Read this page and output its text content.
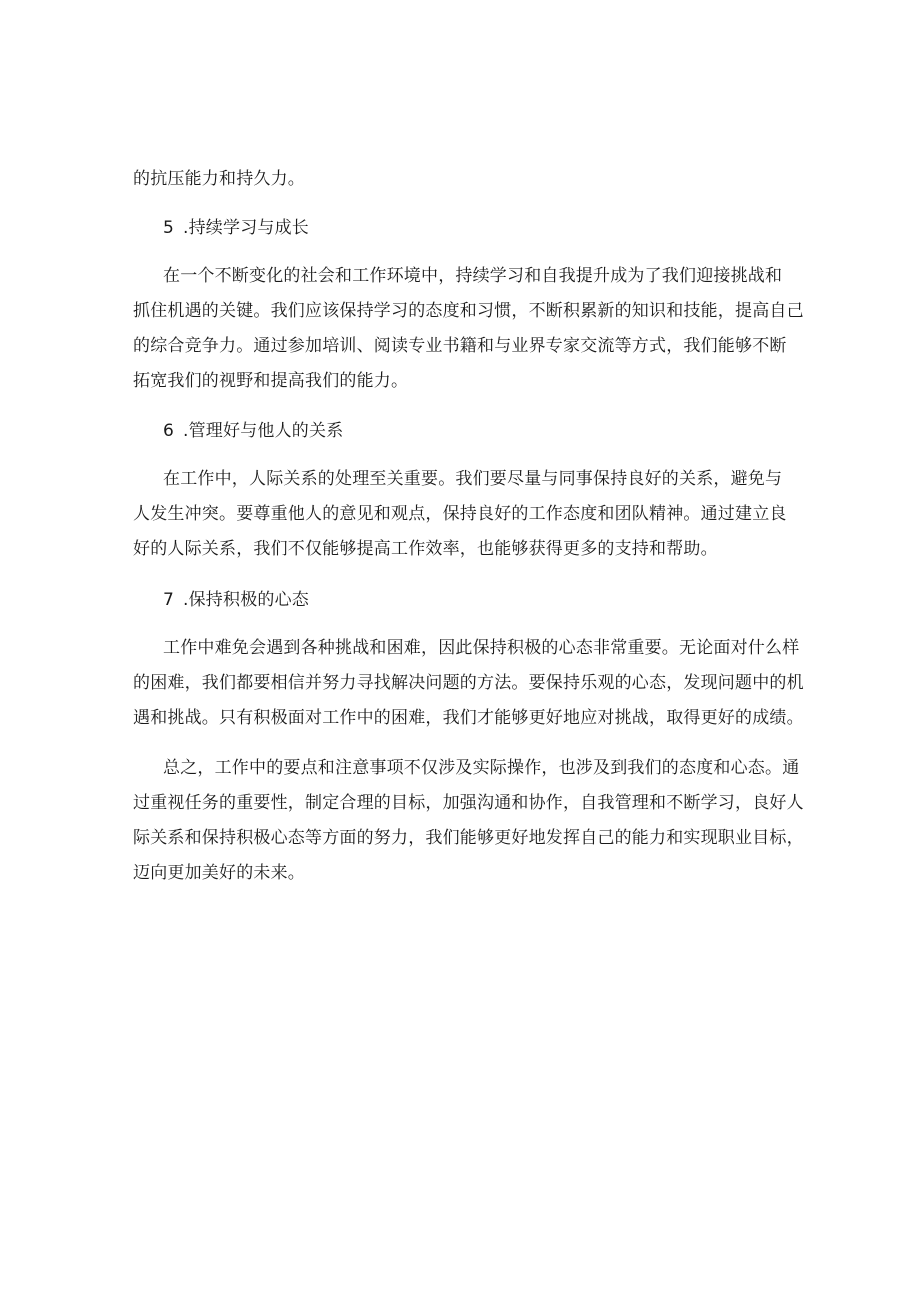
的抗压能力和持久力。
5 .持续学习与成长
在一个不断变化的社会和工作环境中，持续学习和自我提升成为了我们迎接挑战和
抓住机遇的关键。我们应该保持学习的态度和习惯，不断积累新的知识和技能，提高自己
的综合竞争力。通过参加培训、阅读专业书籍和与业界专家交流等方式，我们能够不断
拓宽我们的视野和提高我们的能力。
6 .管理好与他人的关系
在工作中，人际关系的处理至关重要。我们要尽量与同事保持良好的关系，避免与
人发生冲突。要尊重他人的意见和观点，保持良好的工作态度和团队精神。通过建立良
好的人际关系，我们不仅能够提高工作效率，也能够获得更多的支持和帮助。
7 .保持积极的心态
工作中难免会遇到各种挑战和困难，因此保持积极的心态非常重要。无论面对什么样
的困难，我们都要相信并努力寻找解决问题的方法。要保持乐观的心态，发现问题中的机
遇和挑战。只有积极面对工作中的困难，我们才能够更好地应对挑战，取得更好的成绩。
总之，工作中的要点和注意事项不仅涉及实际操作，也涉及到我们的态度和心态。通
过重视任务的重要性，制定合理的目标，加强沟通和协作，自我管理和不断学习，良好人
际关系和保持积极心态等方面的努力，我们能够更好地发挥自己的能力和实现职业目标，
迈向更加美好的未来。
